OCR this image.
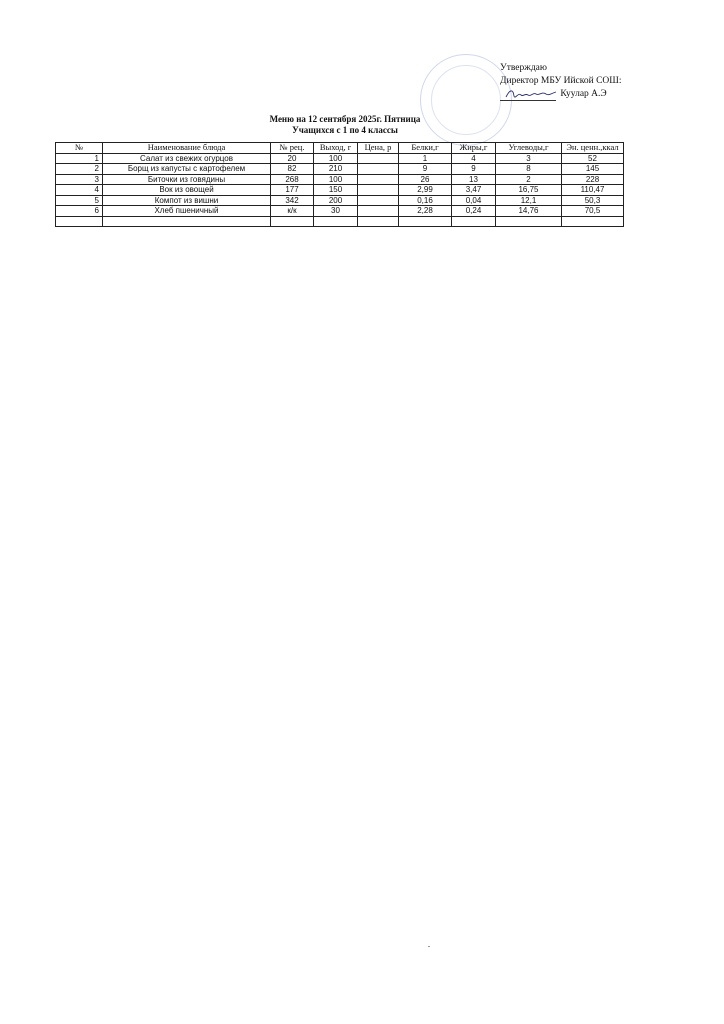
Утверждаю
Директор МБУ Ийской СОШ:
Куулар А.Э
Меню на 12 сентября 2025г. Пятница
Учащихся с 1 по 4 классы
№	Наименование блюда	№ рец.	Выход, г	Цена, р	Белки,г	Жиры,г	Углеводы,г	Эн. ценн.,ккал
1	Салат из свежих огурцов	20	100		1	4	3	52
2	Борщ из капусты с картофелем	82	210		9	9	8	145
3	Биточки из говядины	268	100		26	13	2	228
4	Вок из овощей	177	150		2,99	3,47	16,75	110,47
5	Компот из вишни	342	200		0,16	0,04	12,1	50,3
6	Хлеб пшеничный	к/к	30		2,28	0,24	14,76	70,5
